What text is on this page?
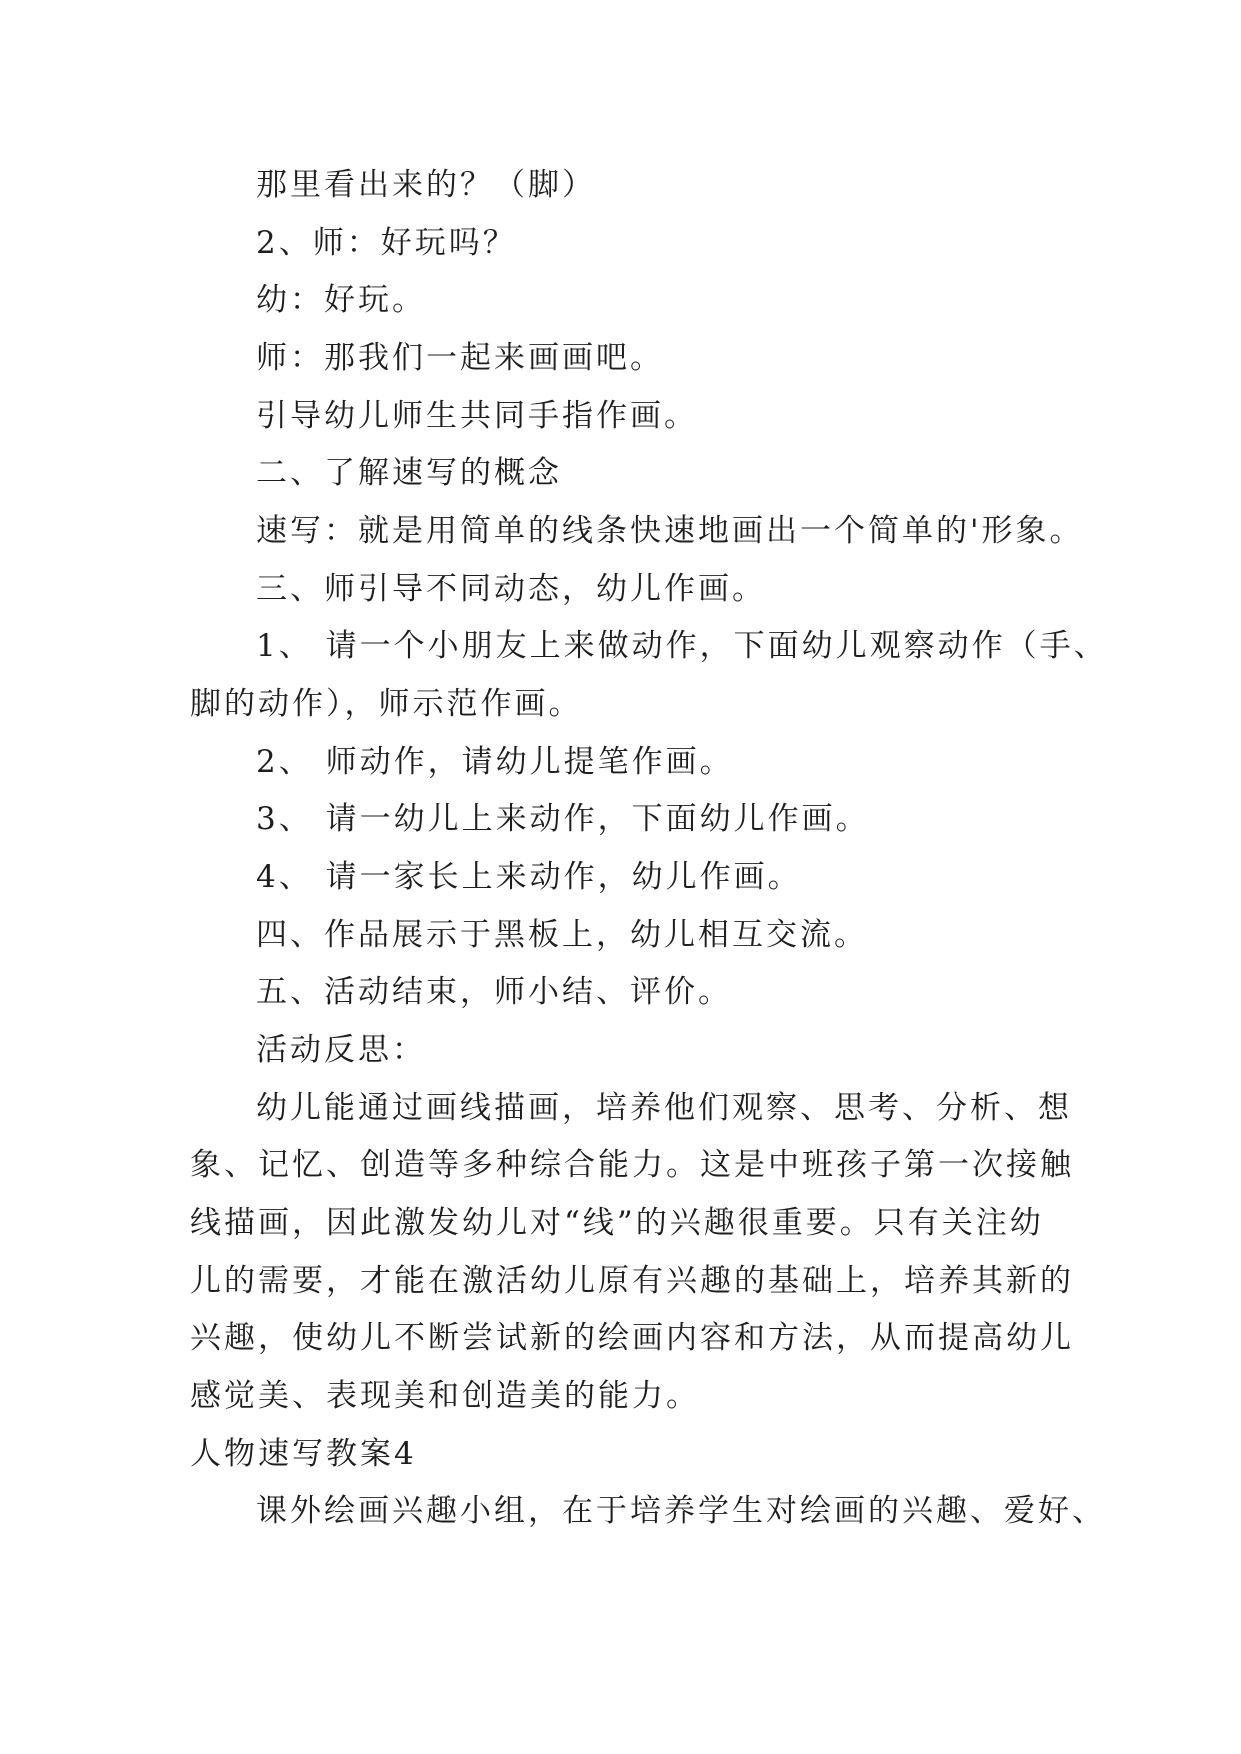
那里看出来的？（脚）
2、师：好玩吗？
幼：好玩。
师：那我们一起来画画吧。
引导幼儿师生共同手指作画。
二、了解速写的概念
速写：就是用简单的线条快速地画出一个简单的'形象。
三、师引导不同动态，幼儿作画。
1、 请一个小朋友上来做动作，下面幼儿观察动作（手、
脚的动作），师示范作画。
2、 师动作，请幼儿提笔作画。
3、 请一幼儿上来动作，下面幼儿作画。
4、 请一家长上来动作，幼儿作画。
四、作品展示于黑板上，幼儿相互交流。
五、活动结束，师小结、评价。
活动反思：
幼儿能通过画线描画，培养他们观察、思考、分析、想
象、记忆、创造等多种综合能力。这是中班孩子第一次接触
线描画，因此激发幼儿对“线”的兴趣很重要。只有关注幼
儿的需要，才能在激活幼儿原有兴趣的基础上，培养其新的
兴趣，使幼儿不断尝试新的绘画内容和方法，从而提高幼儿
感觉美、表现美和创造美的能力。
人物速写教案4
课外绘画兴趣小组，在于培养学生对绘画的兴趣、爱好、
